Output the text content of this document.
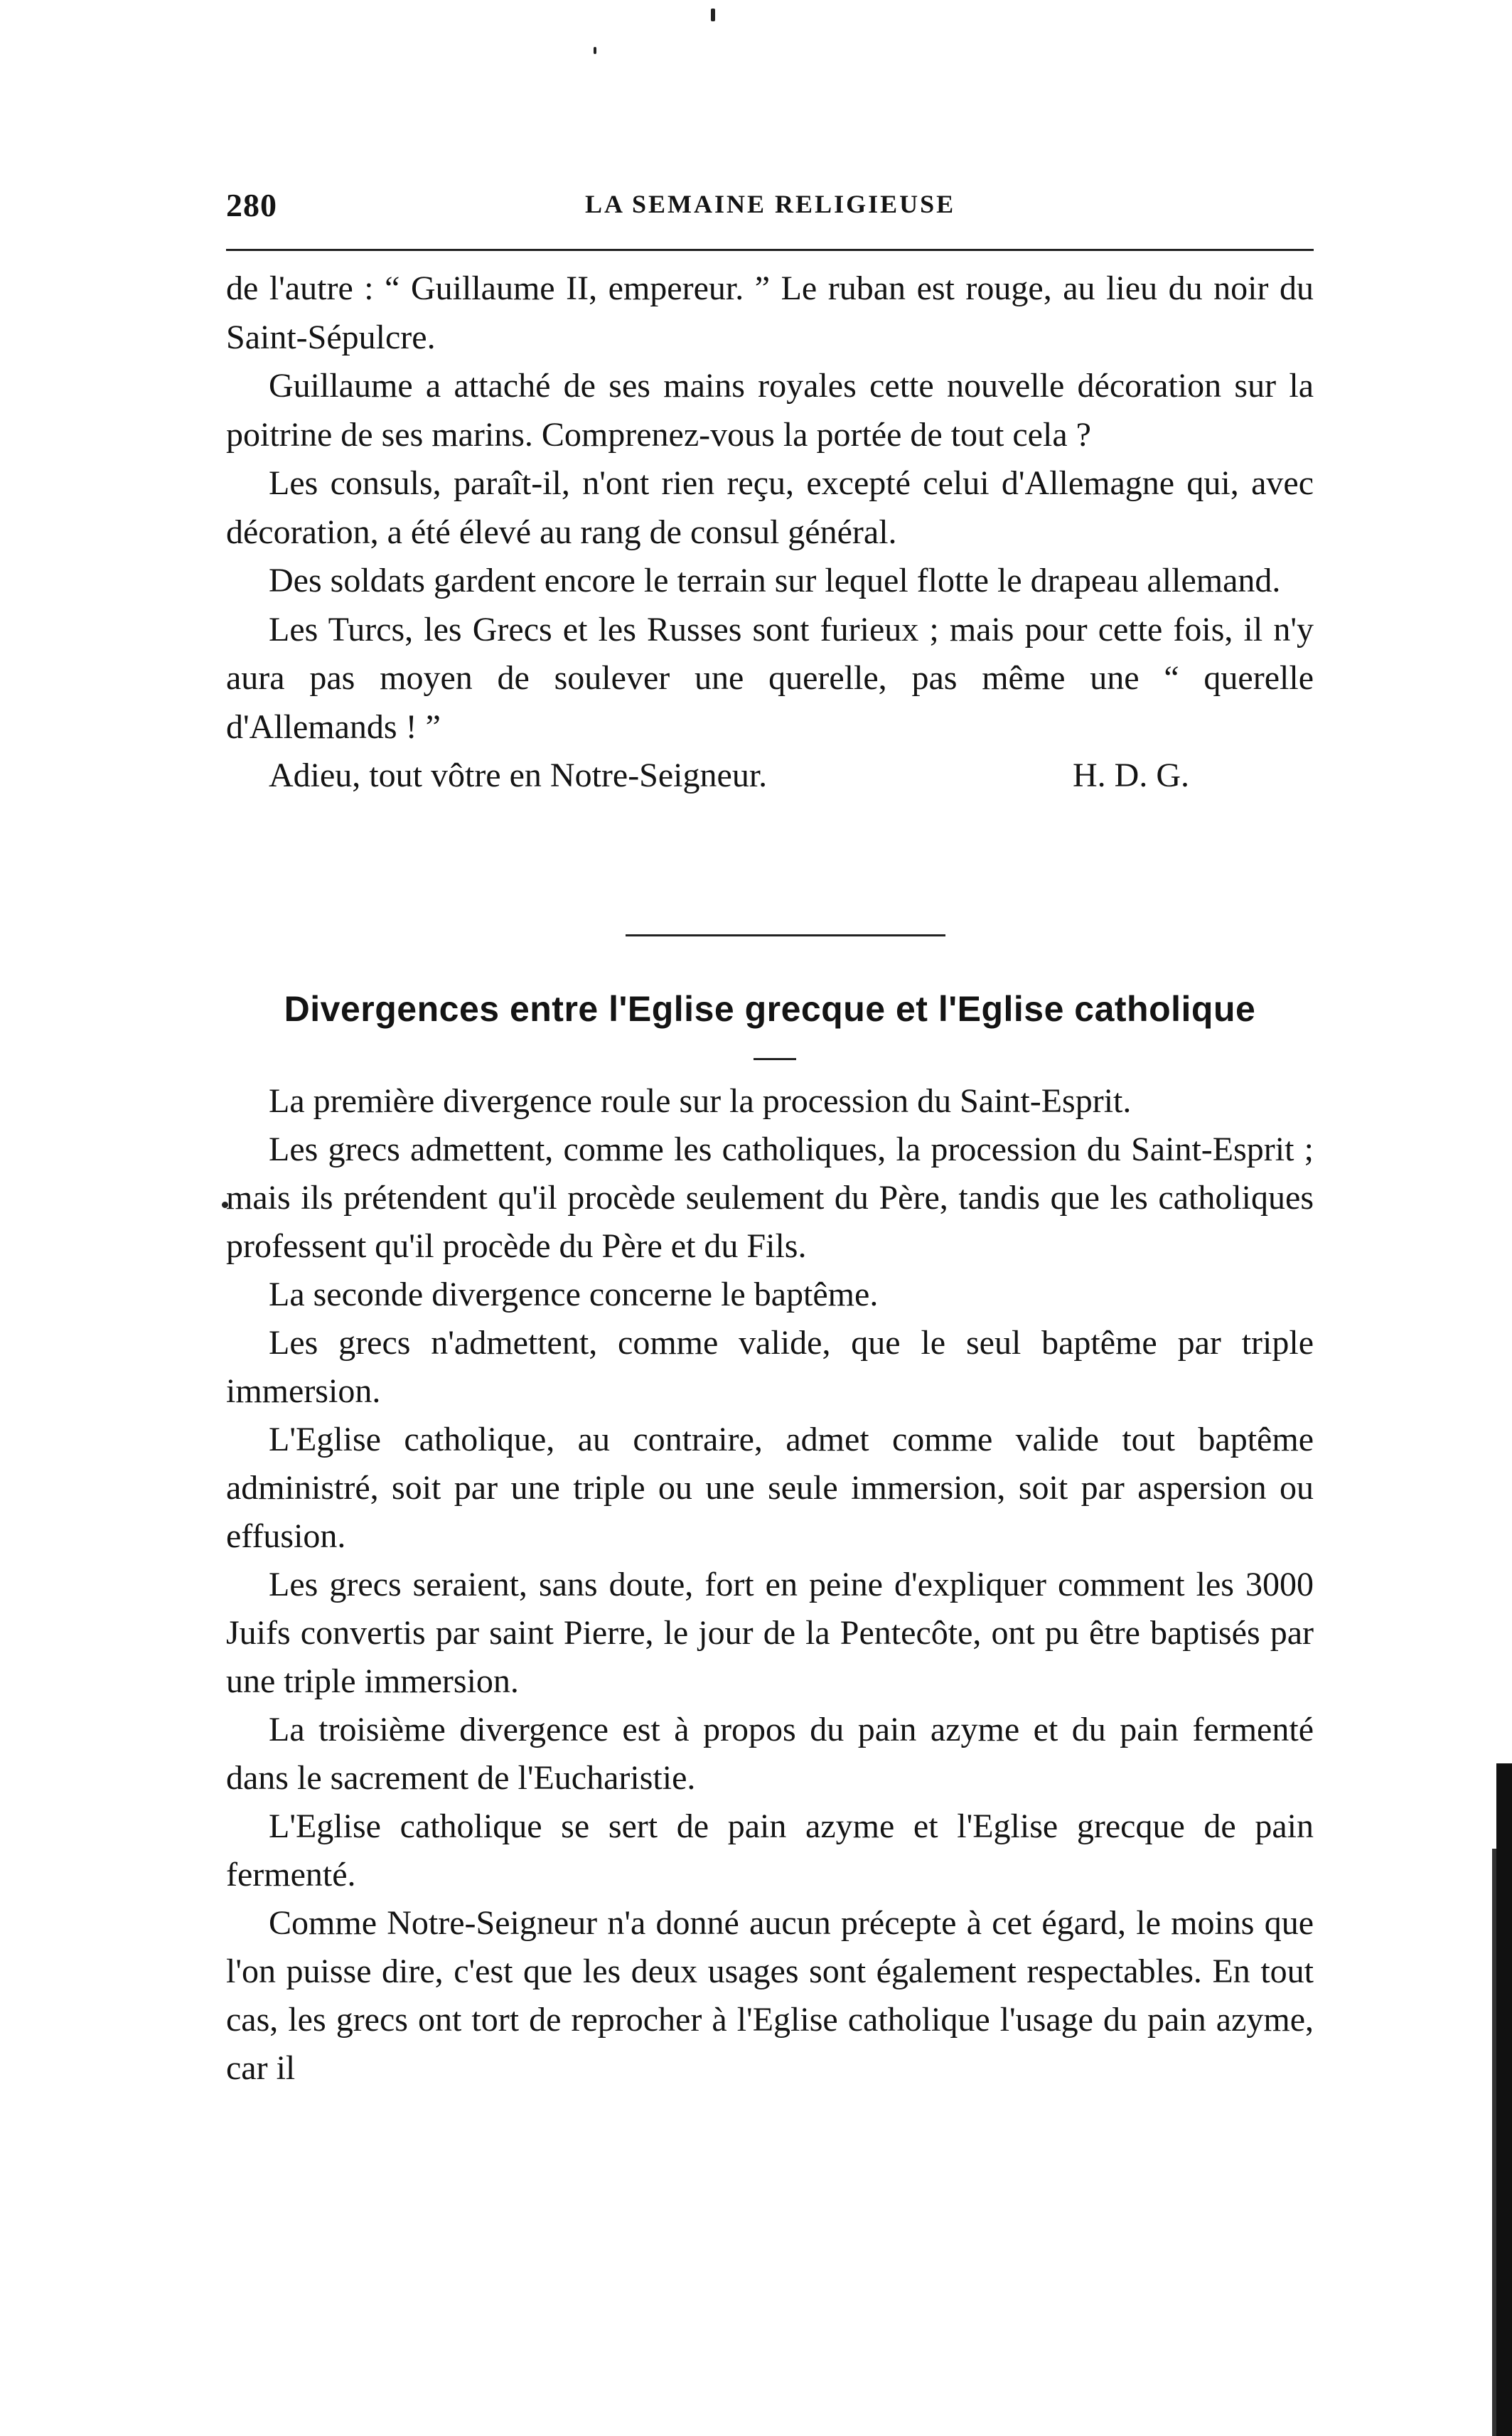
280	LA SEMAINE RELIGIEUSE

de l'autre : “ Guillaume II, empereur. ” Le ruban est rouge, au lieu du noir du Saint-Sépulcre.

Guillaume a attaché de ses mains royales cette nouvelle décoration sur la poitrine de ses marins. Comprenez-vous la portée de tout cela ?

Les consuls, paraît-il, n'ont rien reçu, excepté celui d'Allemagne qui, avec décoration, a été élevé au rang de consul général.

Des soldats gardent encore le terrain sur lequel flotte le drapeau allemand.

Les Turcs, les Grecs et les Russes sont furieux ; mais pour cette fois, il n'y aura pas moyen de soulever une querelle, pas même une “ querelle d'Allemands ! ”

Adieu, tout vôtre en Notre-Seigneur.	H. D. G.
Divergences entre l'Eglise grecque et l'Eglise catholique

La première divergence roule sur la procession du Saint-Esprit.

Les grecs admettent, comme les catholiques, la procession du Saint-Esprit ; mais ils prétendent qu'il procède seulement du Père, tandis que les catholiques professent qu'il procède du Père et du Fils.

La seconde divergence concerne le baptême.

Les grecs n'admettent, comme valide, que le seul baptême par triple immersion.

L'Eglise catholique, au contraire, admet comme valide tout baptême administré, soit par une triple ou une seule immersion, soit par aspersion ou effusion.

Les grecs seraient, sans doute, fort en peine d'expliquer comment les 3000 Juifs convertis par saint Pierre, le jour de la Pentecôte, ont pu être baptisés par une triple immersion.

La troisième divergence est à propos du pain azyme et du pain fermenté dans le sacrement de l'Eucharistie.

L'Eglise catholique se sert de pain azyme et l'Eglise grecque de pain fermenté.

Comme Notre-Seigneur n'a donné aucun précepte à cet égard, le moins que l'on puisse dire, c'est que les deux usages sont également respectables. En tout cas, les grecs ont tort de reprocher à l'Eglise catholique l'usage du pain azyme, car il
